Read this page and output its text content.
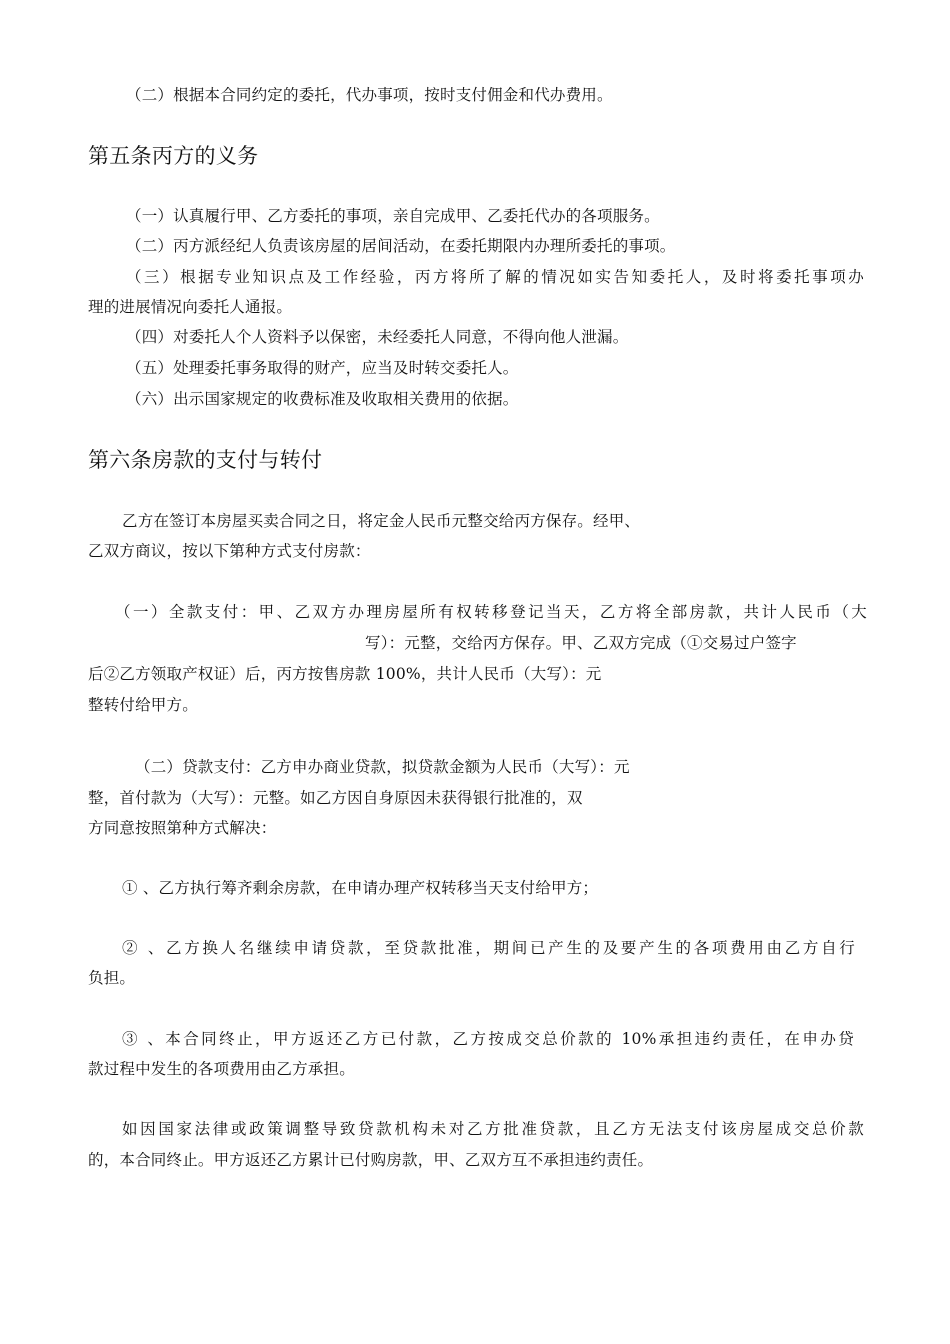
（二）根据本合同约定的委托，代办事项，按时支付佣金和代办费用。
第五条丙方的义务
（一）认真履行甲、乙方委托的事项，亲自完成甲、乙委托代办的各项服务。
（二）丙方派经纪人负责该房屋的居间活动，在委托期限内办理所委托的事项。
（三）根据专业知识点及工作经验，丙方将所了解的情况如实告知委托人，及时将委托事项办
理的进展情况向委托人通报。
（四）对委托人个人资料予以保密，未经委托人同意，不得向他人泄漏。
（五）处理委托事务取得的财产，应当及时转交委托人。
（六）出示国家规定的收费标准及收取相关费用的依据。
第六条房款的支付与转付
乙方在签订本房屋买卖合同之日，将定金人民币元整交给丙方保存。经甲、
乙双方商议，按以下第种方式支付房款：
（一）全款支付：甲、乙双方办理房屋所有权转移登记当天，乙方将全部房款，共计人民币（大
写）：元整，交给丙方保存。甲、乙双方完成（①交易过户签字
后②乙方领取产权证）后，丙方按售房款 100%，共计人民币（大写）：元
整转付给甲方。
（二）贷款支付：乙方申办商业贷款，拟贷款金额为人民币（大写）：元
整，首付款为（大写）：元整。如乙方因自身原因未获得银行批准的，双
方同意按照第种方式解决：
① 、乙方执行筹齐剩余房款，在申请办理产权转移当天支付给甲方；
② 、乙方换人名继续申请贷款，至贷款批准，期间已产生的及要产生的各项费用由乙方自行
负担。
③ 、本合同终止，甲方返还乙方已付款，乙方按成交总价款的 10%承担违约责任，在申办贷
款过程中发生的各项费用由乙方承担。
如因国家法律或政策调整导致贷款机构未对乙方批准贷款，且乙方无法支付该房屋成交总价款
的，本合同终止。甲方返还乙方累计已付购房款，甲、乙双方互不承担违约责任。
